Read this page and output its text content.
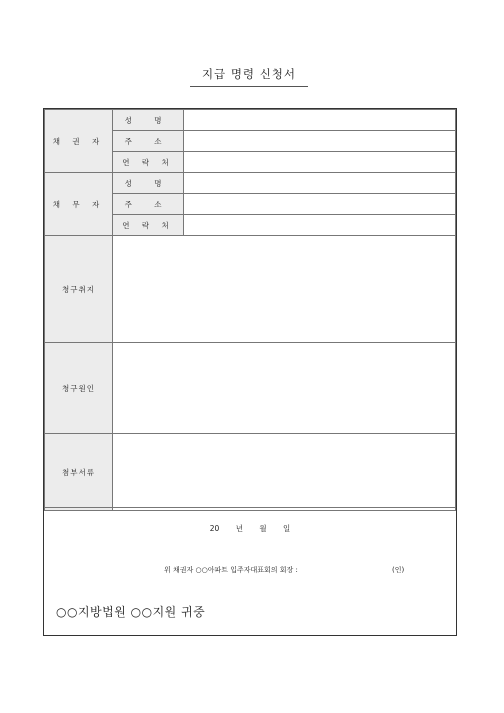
지급 명령 신청서
채 권 자	성 명	
	주 소	
	연 락 처	
채 무 자	성 명	
	주 소	
	연 락 처	
청구취지		
청구원인		
첨부서류		
20 년 월 일
위 채권자 ○○아파트 입주자대표회의 회장 :	(인)
○○지방법원 ○○지원 귀중
